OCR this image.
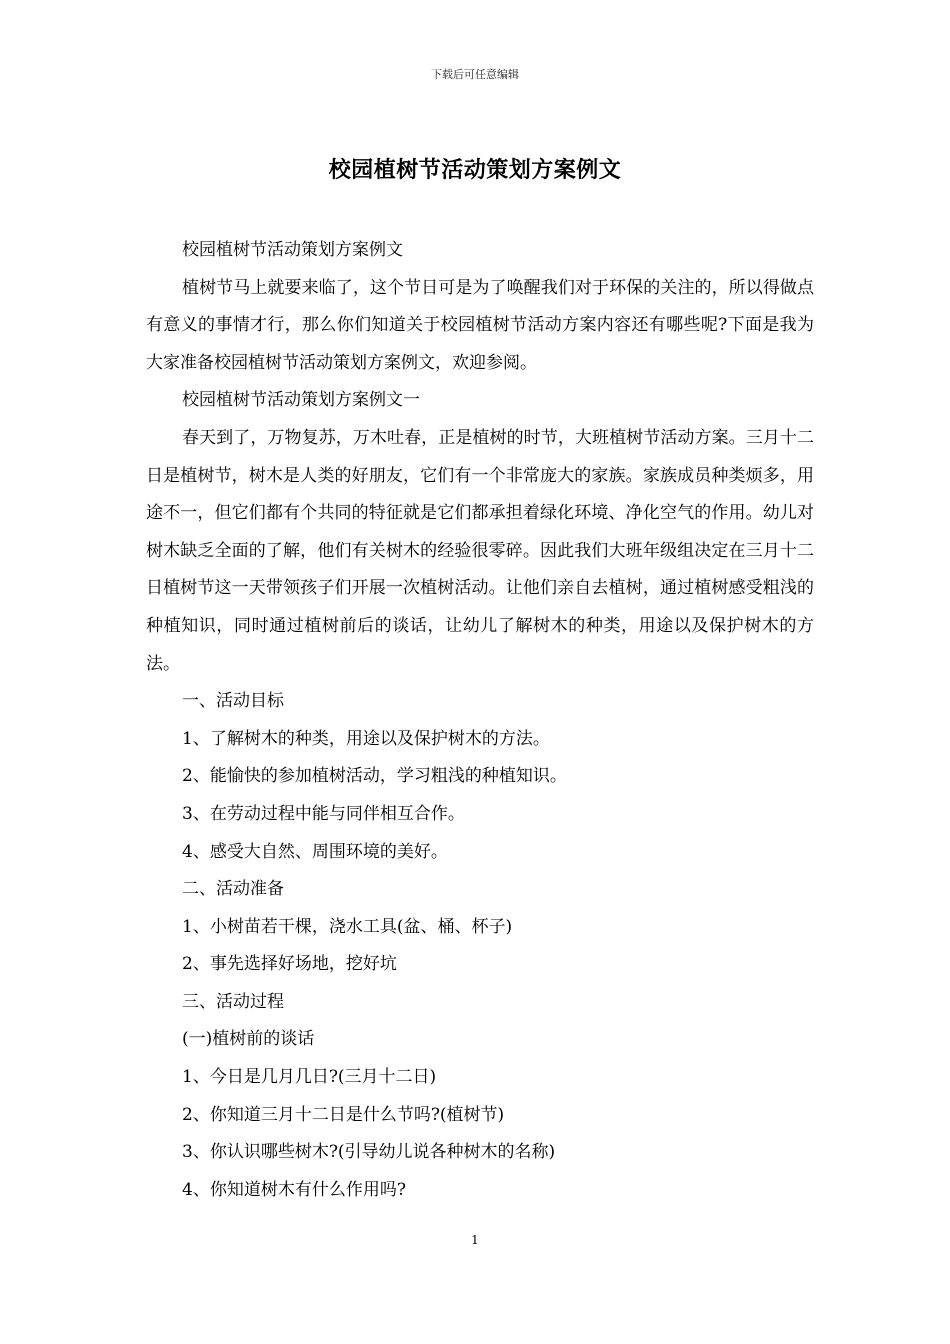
下载后可任意编辑
校园植树节活动策划方案例文

校园植树节活动策划方案例文

植树节马上就要来临了，这个节日可是为了唤醒我们对于环保的关注的，所以得做点有意义的事情才行，那么你们知道关于校园植树节活动方案内容还有哪些呢?下面是我为大家准备校园植树节活动策划方案例文，欢迎参阅。

校园植树节活动策划方案例文一

春天到了，万物复苏，万木吐春，正是植树的时节，大班植树节活动方案。三月十二日是植树节，树木是人类的好朋友，它们有一个非常庞大的家族。家族成员种类烦多，用途不一，但它们都有个共同的特征就是它们都承担着绿化环境、净化空气的作用。幼儿对树木缺乏全面的了解，他们有关树木的经验很零碎。因此我们大班年级组决定在三月十二日植树节这一天带领孩子们开展一次植树活动。让他们亲自去植树，通过植树感受粗浅的种植知识，同时通过植树前后的谈话，让幼儿了解树木的种类，用途以及保护树木的方法。

一、活动目标

1、了解树木的种类，用途以及保护树木的方法。

2、能愉快的参加植树活动，学习粗浅的种植知识。

3、在劳动过程中能与同伴相互合作。

4、感受大自然、周围环境的美好。

二、活动准备

1、小树苗若干棵，浇水工具(盆、桶、杯子)

2、事先选择好场地，挖好坑

三、活动过程

(一)植树前的谈话

1、今日是几月几日?(三月十二日)

2、你知道三月十二日是什么节吗?(植树节)

3、你认识哪些树木?(引导幼儿说各种树木的名称)

4、你知道树木有什么作用吗?

1
